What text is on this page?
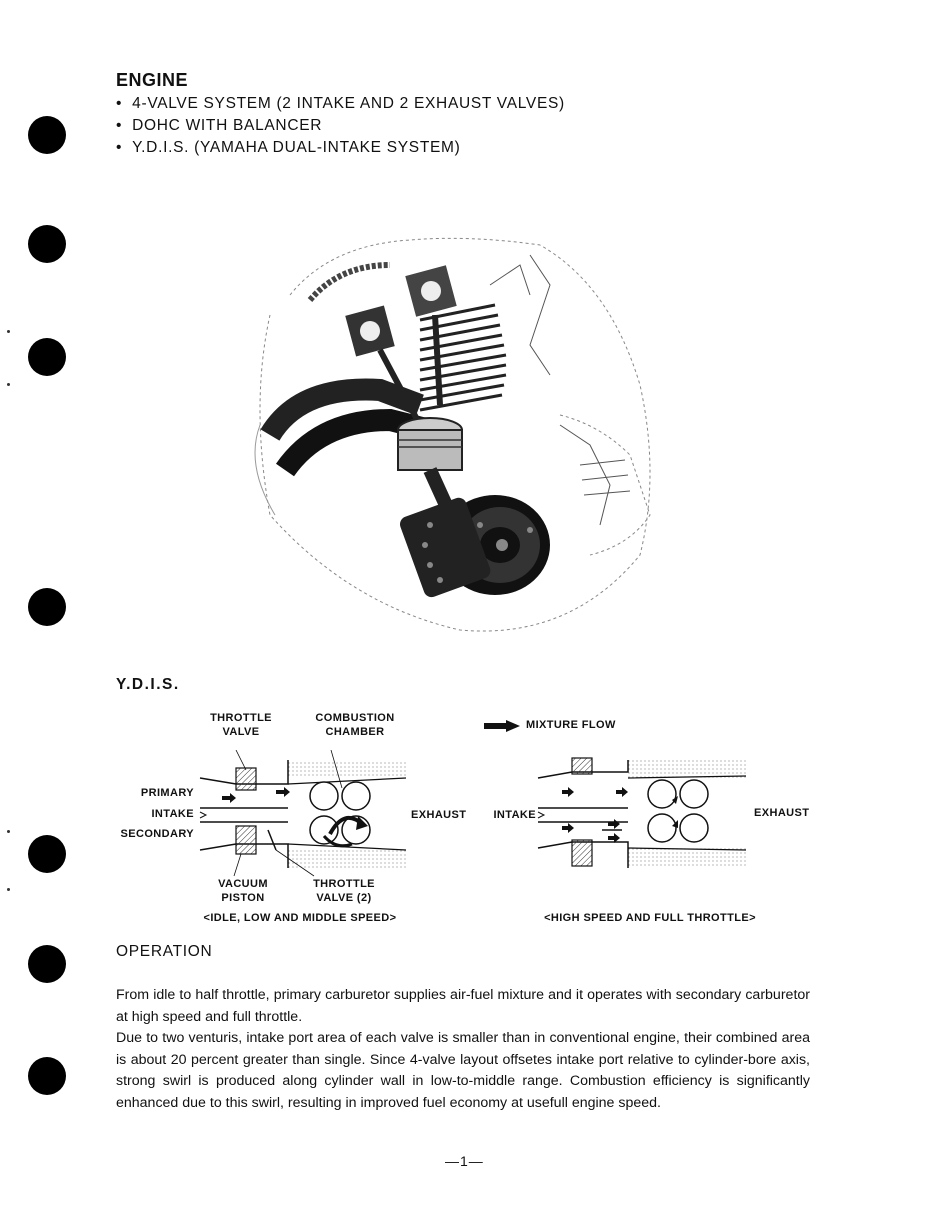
ENGINE
• 4-VALVE SYSTEM (2 INTAKE AND 2 EXHAUST VALVES)
• DOHC WITH BALANCER
• Y.D.I.S. (YAMAHA DUAL-INTAKE SYSTEM)
Y.D.I.S.
THROTTLE
VALVE
COMBUSTION
CHAMBER
PRIMARY
INTAKE
SECONDARY
EXHAUST
VACUUM
PISTON
THROTTLE
VALVE (2)
<IDLE, LOW AND MIDDLE SPEED>
MIXTURE FLOW
INTAKE	EXHAUST
<HIGH SPEED AND FULL THROTTLE>
OPERATION

From idle to half throttle, primary carburetor supplies air-fuel mixture and it operates with secondary carburetor at high speed and full throttle.

Due to two venturis, intake port area of each valve is smaller than in conventional engine, their combined area is about 20 percent greater than single. Since 4-valve layout offsetes intake port relative to cylinder-bore axis, strong swirl is produced along cylinder wall in low-to-middle range. Combustion efficiency is significantly enhanced due to this swirl, resulting in improved fuel economy at usefull engine speed.

—1—
